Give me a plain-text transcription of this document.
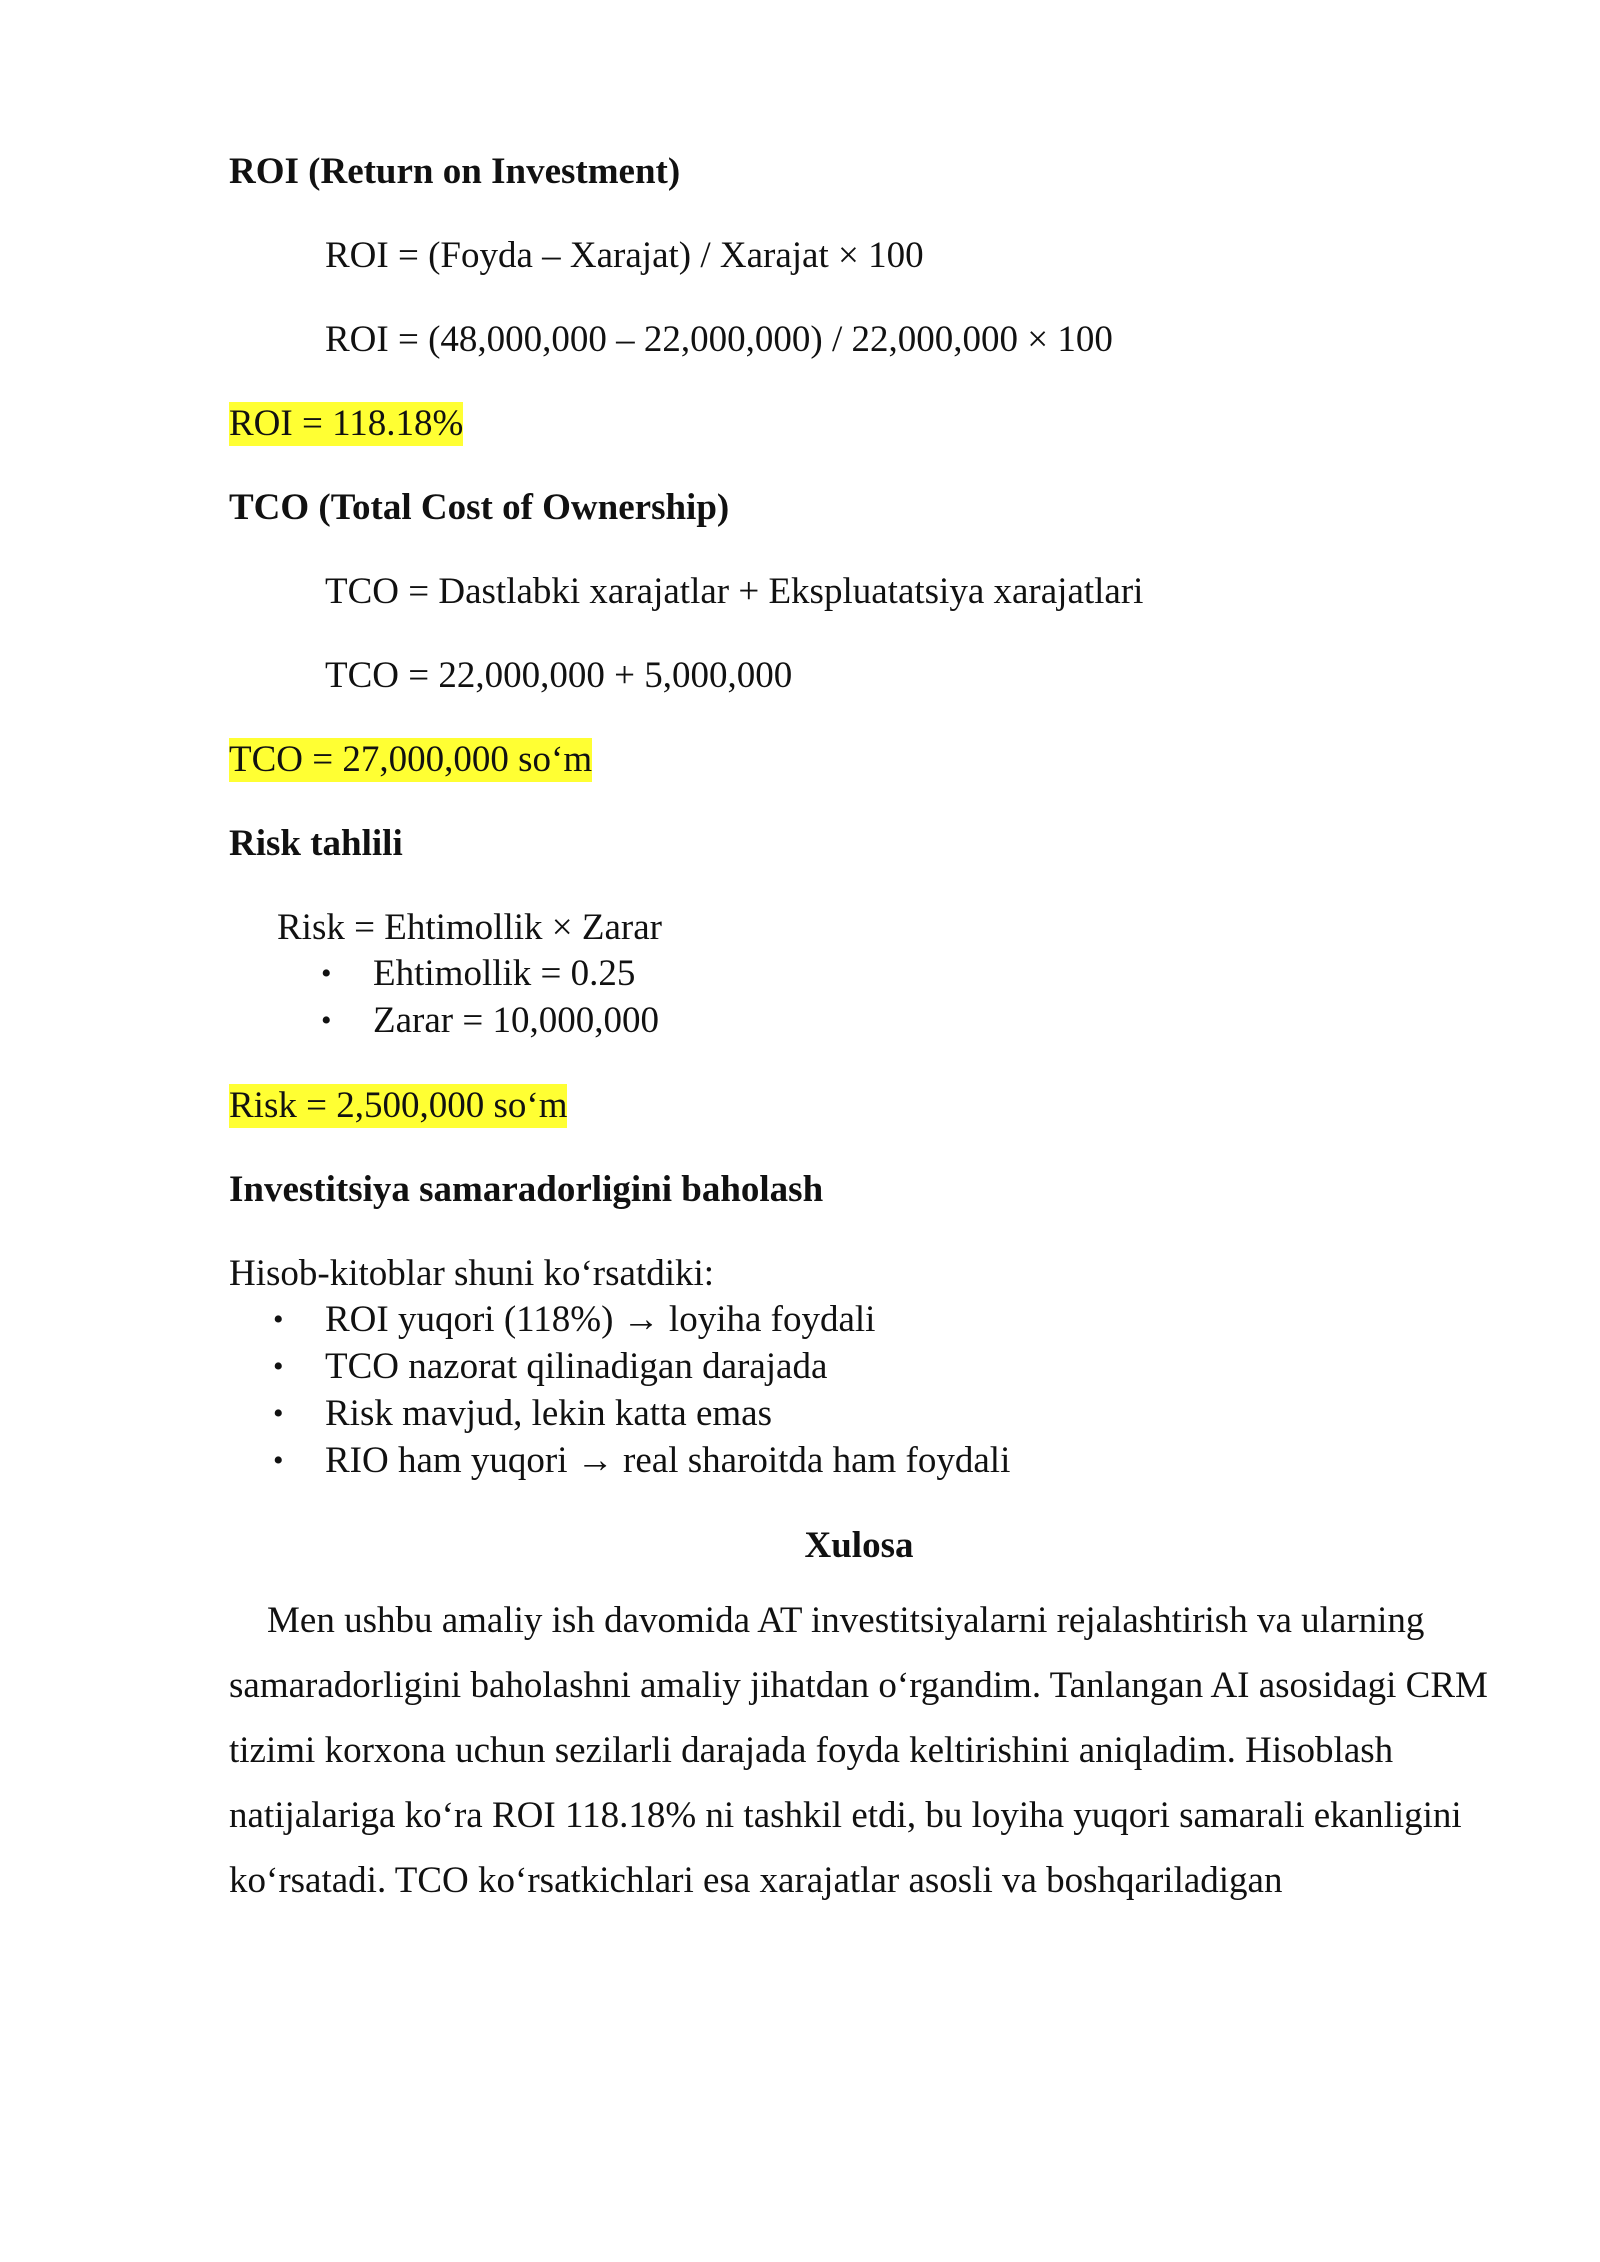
ROI (Return on Investment)
ROI = (Foyda – Xarajat) / Xarajat × 100
ROI = (48,000,000 – 22,000,000) / 22,000,000 × 100
ROI = 118.18%
TCO (Total Cost of Ownership)
TCO = Dastlabki xarajatlar + Ekspluatatsiya xarajatlari
TCO = 22,000,000 + 5,000,000
TCO = 27,000,000 so‘m
Risk tahlili
Risk = Ehtimollik × Zarar
• Ehtimollik = 0.25
• Zarar = 10,000,000
Risk = 2,500,000 so‘m
Investitsiya samaradorligini baholash
Hisob-kitoblar shuni ko‘rsatdiki:
• ROI yuqori (118%) → loyiha foydali
• TCO nazorat qilinadigan darajada
• Risk mavjud, lekin katta emas
• RIO ham yuqori → real sharoitda ham foydali
Xulosa

Men ushbu amaliy ish davomida AT investitsiyalarni rejalashtirish va ularning samaradorligini baholashni amaliy jihatdan o‘rgandim. Tanlangan AI asosidagi CRM tizimi korxona uchun sezilarli darajada foyda keltirishini aniqladim. Hisoblash natijalariga ko‘ra ROI 118.18% ni tashkil etdi, bu loyiha yuqori samarali ekanligini ko‘rsatadi. TCO ko‘rsatkichlari esa xarajatlar asosli va boshqariladigan
